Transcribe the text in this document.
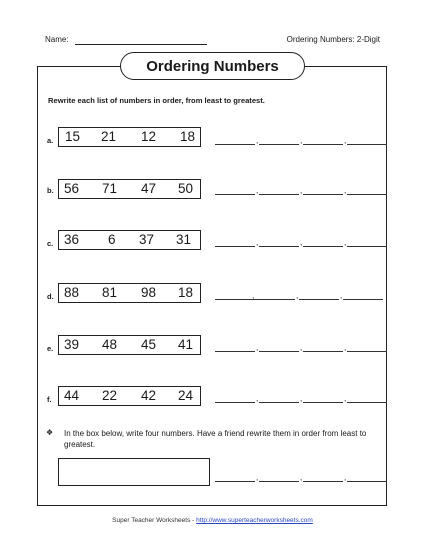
Name:	Ordering Numbers: 2-Digit
Ordering Numbers
Rewrite each list of numbers in order, from least to greatest.
a. 15 21 12 18	,	,	,
b. 56 71 47 50	,	,	,
c. 36 6 37 31	,	,	,
d. 88 81 98 18	,	,	,
e. 39 48 45 41	,	,	,
f. 44 22 42 24	,	,	,
❖ In the box below, write four numbers. Have a friend rewrite them in order from least to greatest.
,	,	,
Super Teacher Worksheets - http://www.superteacherworksheets.com
